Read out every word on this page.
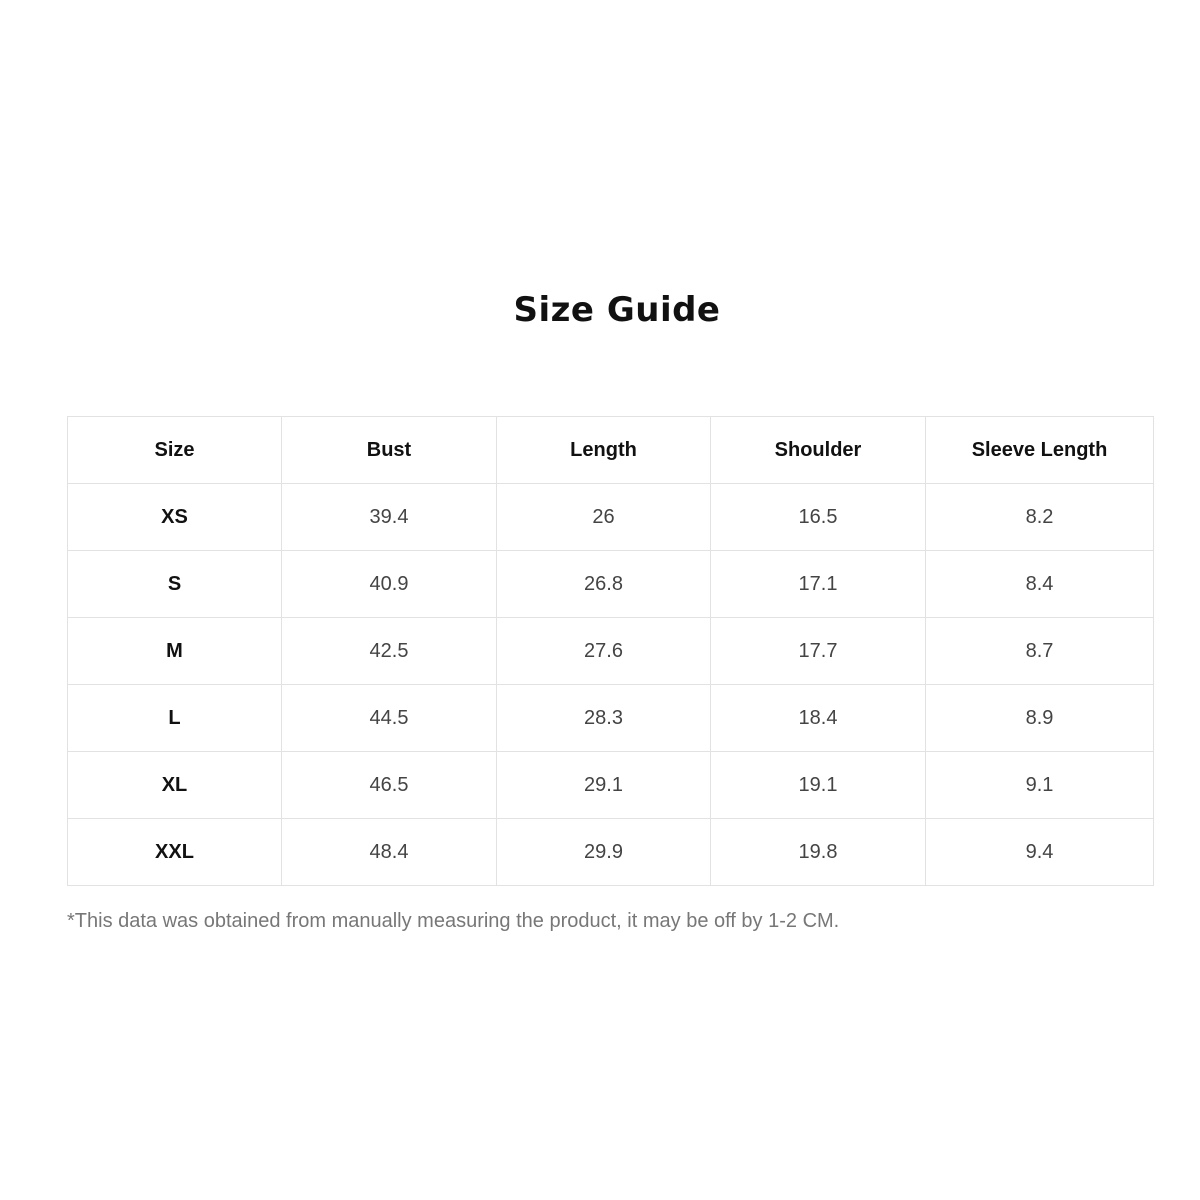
Size Guide
Size	Bust	Length	Shoulder	Sleeve Length
XS	39.4	26	16.5	8.2
S	40.9	26.8	17.1	8.4
M	42.5	27.6	17.7	8.7
L	44.5	28.3	18.4	8.9
XL	46.5	29.1	19.1	9.1
XXL	48.4	29.9	19.8	9.4
*This data was obtained from manually measuring the product, it may be off by 1-2 CM.
